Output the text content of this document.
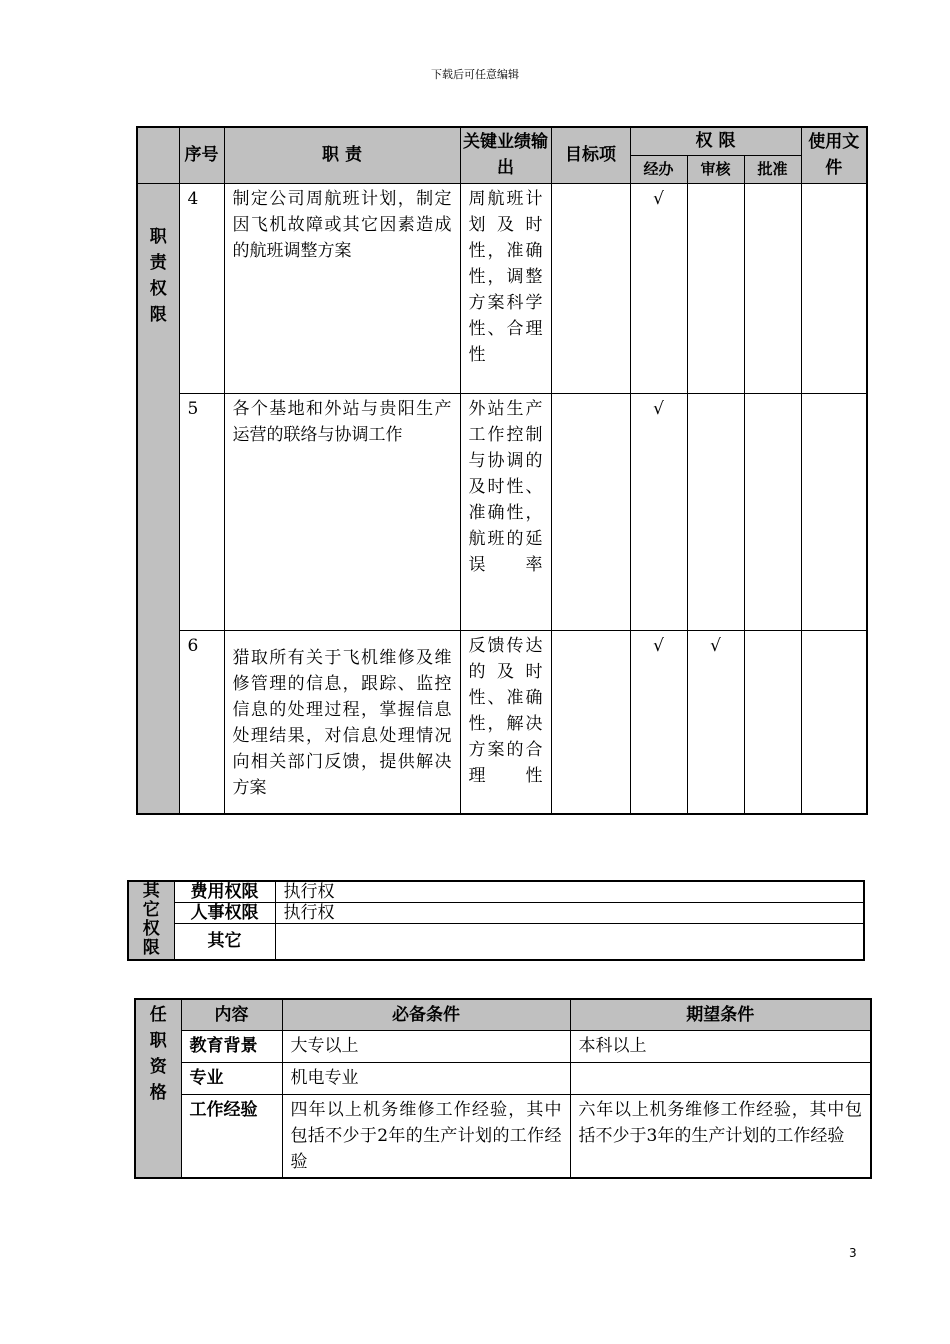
下载后可任意编辑
	序号	职 责	关键业绩输出	目标项	权 限			使用文件
					经办	审核	批准	

职
责
权
限	4	制定公司周航班计划，制定因飞机故障或其它因素造成的航班调整方案	周航班计划及时性，准确性，调整方案科学性、合理性		√			
	5	各个基地和外站与贵阳生产运营的联络与协调工作	外站生产工作控制与协调的及时性、准确性，航班的延误率		√			
	6	猎取所有关于飞机维修及维修管理的信息，跟踪、监控信息的处理过程，掌握信息处理结果，对信息处理情况向相关部门反馈，提供解决方案	反馈传达的及时性、准确性，解决方案的合理性		√	√		
其
它
权
限	费用权限	执行权
	人事权限	执行权
	其它	
任
职
资
格	内容	必备条件	期望条件
	教育背景	大专以上	本科以上
	专业	机电专业	
	工作经验	四年以上机务维修工作经验，其中包括不少于2年的生产计划的工作经验	六年以上机务维修工作经验，其中包括不少于3年的生产计划的工作经验
3
